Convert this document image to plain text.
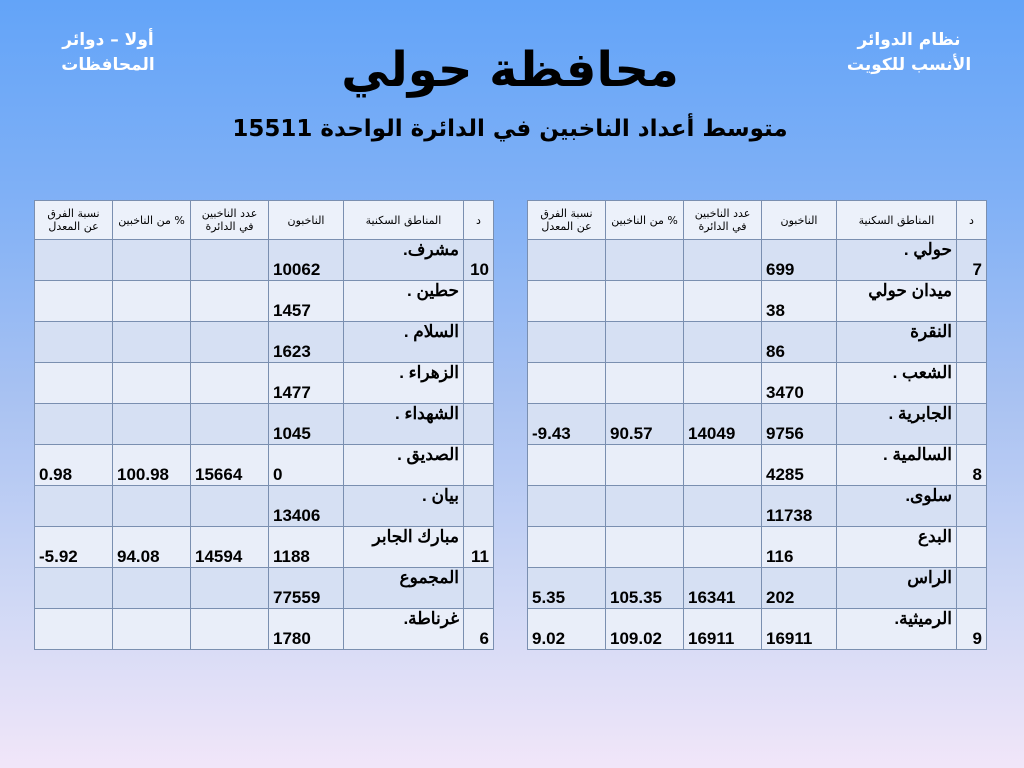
نظام الدوائر
الأنسب للكويت
أولا – دوائر
المحافظات	محافظة حولي
متوسط أعداد الناخبين في الدائرة الواحدة 15511
د	المناطق السكنية	الناخبون	عدد الناخبين في الدائرة	% من الناخبين	نسبة الفرق عن المعدل
7	حولي .	699			
	ميدان حولي	38			
	النقرة	86			
	الشعب .	3470			
	الجابرية .	9756	14049	90.57	9.43-
8	السالمية .	4285			
	سلوى.	11738			
	البدع	116			
	الراس	202	16341	105.35	5.35
9	الرميثية.	16911	16911	109.02	9.02
د	المناطق السكنية	الناخبون	عدد الناخبين في الدائرة	% من الناخبين	نسبة الفرق عن المعدل
10	مشرف.	10062			
	حطين .	1457			
	السلام .	1623			
	الزهراء .	1477			
	الشهداء .	1045			
	الصديق .	0	15664	100.98	0.98
	بيان .	13406			
11	مبارك الجابر	1188	14594	94.08	5.92-
	المجموع	77559			
6	غرناطة.	1780			
